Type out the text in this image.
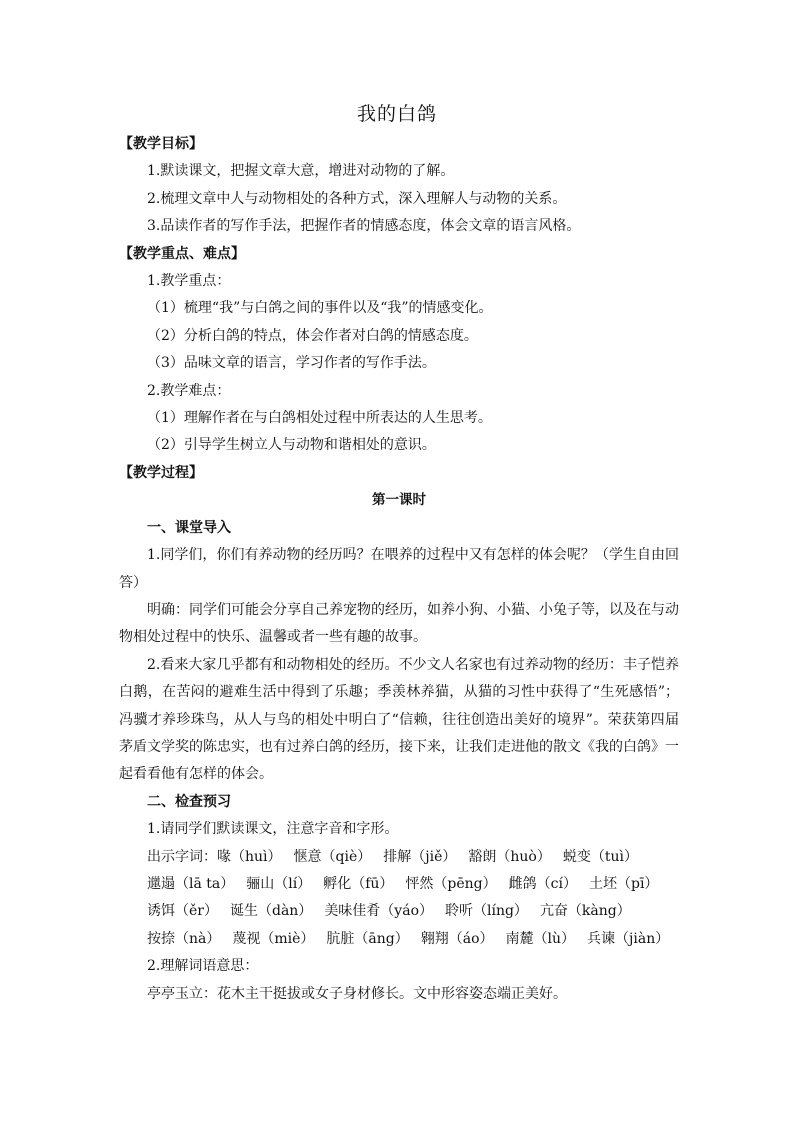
我的白鸽

【教学目标】

1.默读课文，把握文章大意，增进对动物的了解。

2.梳理文章中人与动物相处的各种方式，深入理解人与动物的关系。

3.品读作者的写作手法，把握作者的情感态度，体会文章的语言风格。

【教学重点、难点】

1.教学重点：

（1）梳理“我”与白鸽之间的事件以及“我”的情感变化。

（2）分析白鸽的特点，体会作者对白鸽的情感态度。

（3）品味文章的语言，学习作者的写作手法。

2.教学难点：

（1）理解作者在与白鸽相处过程中所表达的人生思考。

（2）引导学生树立人与动物和谐相处的意识。

【教学过程】

第一课时

一、课堂导入

1.同学们，你们有养动物的经历吗？在喂养的过程中又有怎样的体会呢？（学生自由回答）

明确：同学们可能会分享自己养宠物的经历，如养小狗、小猫、小兔子等，以及在与动物相处过程中的快乐、温馨或者一些有趣的故事。

2.看来大家几乎都有和动物相处的经历。不少文人名家也有过养动物的经历：丰子恺养白鹅，在苦闷的避难生活中得到了乐趣；季羡林养猫，从猫的习性中获得了“生死感悟”；冯骥才养珍珠鸟，从人与鸟的相处中明白了“信赖，往往创造出美好的境界”。荣获第四届茅盾文学奖的陈忠实，也有过养白鸽的经历，接下来，让我们走进他的散文《我的白鸽》一起看看他有怎样的体会。

二、检查预习

1.请同学们默读课文，注意字音和字形。

出示字词：喙（huì） 惬意（qiè） 排解（jiě） 豁朗（huò） 蜕变（tuì）
邋遢（lā ta） 骊山（lí） 孵化（fū） 怦然（pēng） 雌鸽（cí） 土坯（pī）
诱饵（ěr） 诞生（dàn） 美味佳肴（yáo） 聆听（líng） 亢奋（kàng）
按捺（nà） 蔑视（miè） 肮脏（āng） 翱翔（áo） 南麓（lù） 兵谏（jiàn）

2.理解词语意思：

亭亭玉立：花木主干挺拔或女子身材修长。文中形容姿态端正美好。
